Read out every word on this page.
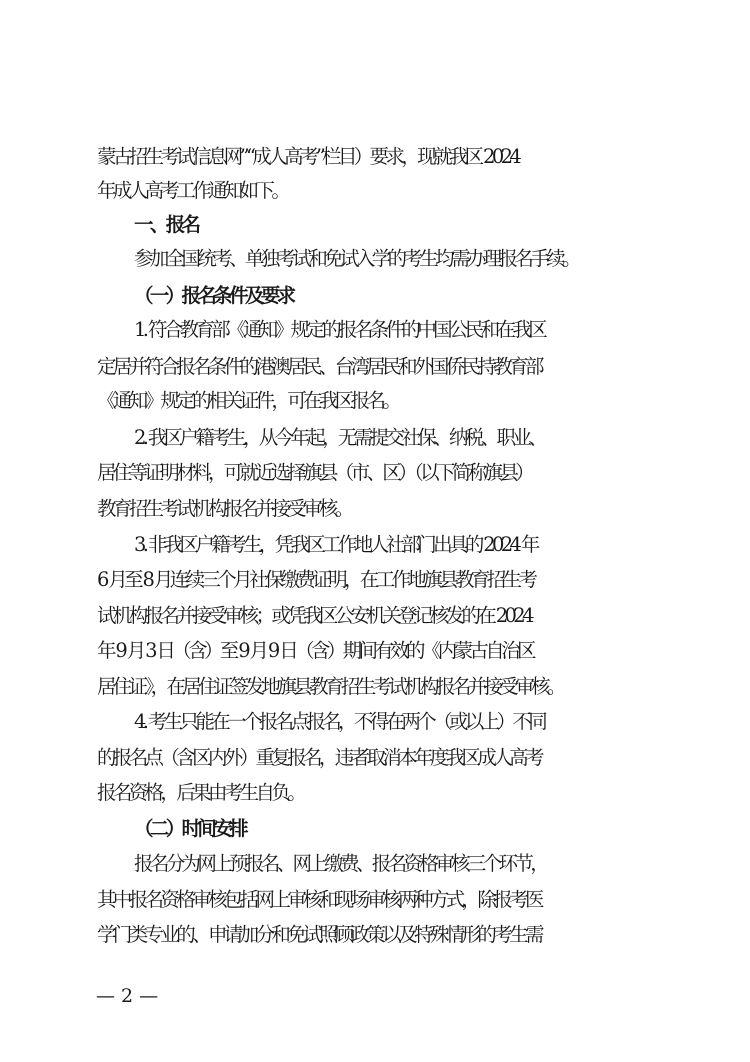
蒙古招生考试信息网”“成人高考”栏目）要求，现就我区 2024
年成人高考工作通知如下。
一、报名
参加全国统考、单独考试和免试入学的考生均需办理报名手续。
（一）报名条件及要求
1. 符合教育部《通知》规定的报名条件的中国公民和在我区
定居并符合报名条件的港澳居民、台湾居民和外国侨民持教育部
《通知》规定的相关证件，可在我区报名。
2. 我区户籍考生，从今年起，无需提交社保、纳税、职业、
居住等证明材料，可就近选择旗县（市、区）（以下简称旗县）
教育招生考试机构报名并接受审核。
3. 非我区户籍考生，凭我区工作地人社部门出具的 2024 年
6 月至 8 月连续三个月社保缴费证明，在工作地旗县教育招生考
试机构报名并接受审核；或凭我区公安机关登记核发的在 2024
年 9 月 3 日（含）至 9 月 9 日（含）期间有效的《内蒙古自治区
居住证》，在居住证签发地旗县教育招生考试机构报名并接受审核。
4. 考生只能在一个报名点报名，不得在两个（或以上）不同
的报名点（含区内外）重复报名，违者取消本年度我区成人高考
报名资格，后果由考生自负。
（二）时间安排
报名分为网上预报名、网上缴费、报名资格审核三个环节，
其中报名资格审核包括网上审核和现场审核两种方式，除报考医
学门类专业的、申请加分和免试照顾政策以及特殊情形的考生需
— 2 —
